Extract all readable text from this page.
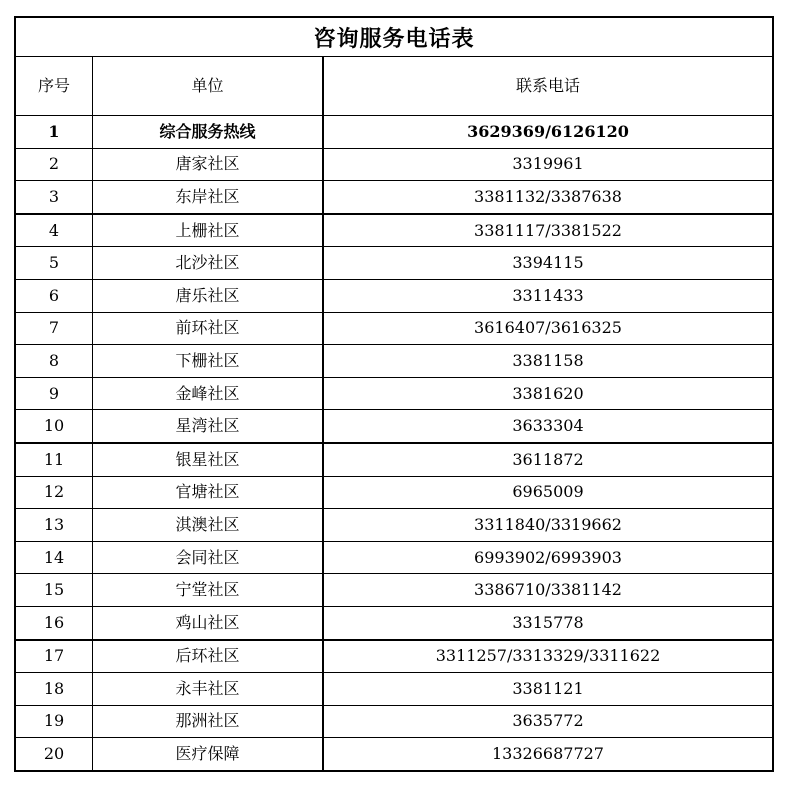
咨询服务电话表
序号	单位	联系电话
1	综合服务热线	3629369/6126120
2	唐家社区	3319961
3	东岸社区	3381132/3387638
4	上栅社区	3381117/3381522
5	北沙社区	3394115
6	唐乐社区	3311433
7	前环社区	3616407/3616325
8	下栅社区	3381158
9	金峰社区	3381620
10	星湾社区	3633304
11	银星社区	3611872
12	官塘社区	6965009
13	淇澳社区	3311840/3319662
14	会同社区	6993902/6993903
15	宁堂社区	3386710/3381142
16	鸡山社区	3315778
17	后环社区	3311257/3313329/3311622
18	永丰社区	3381121
19	那洲社区	3635772
20	医疗保障	13326687727
